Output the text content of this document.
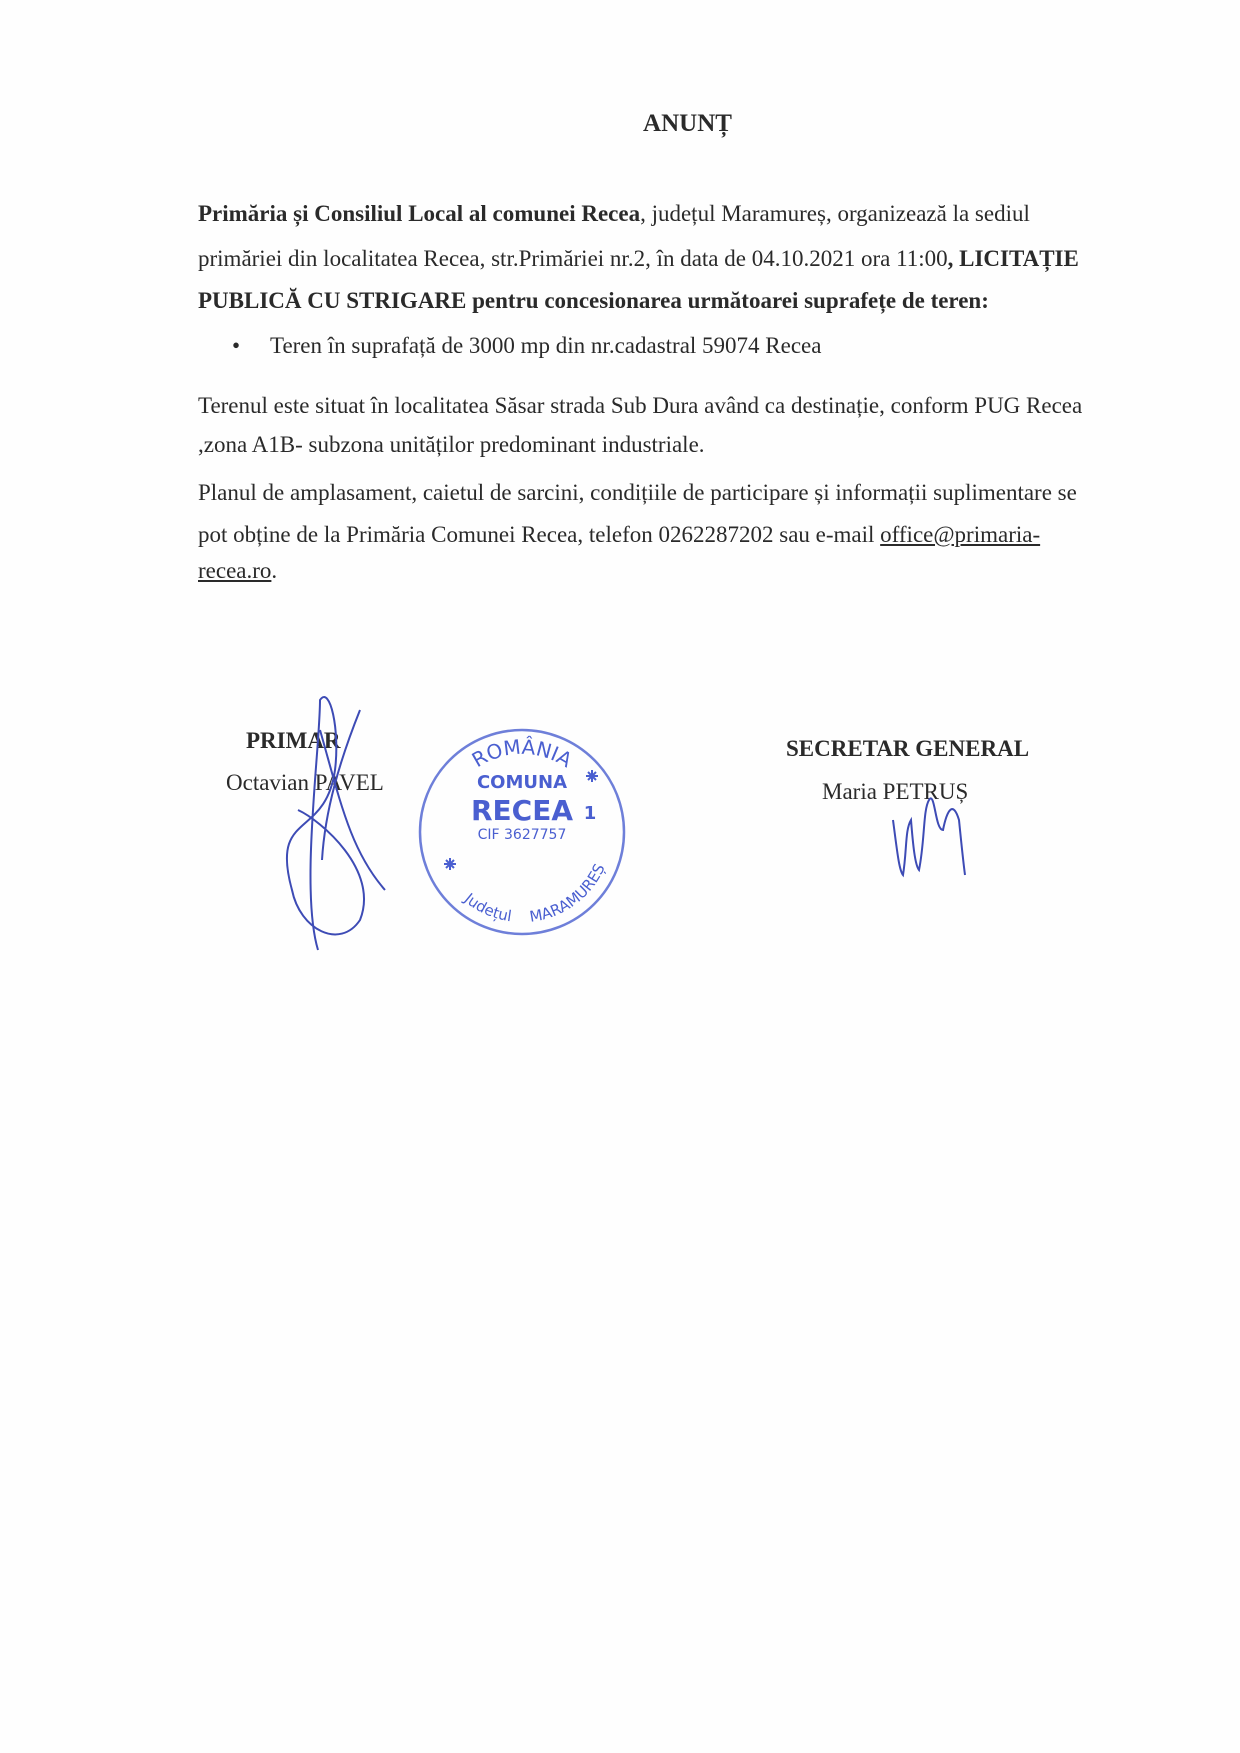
ANUNȚ
Primăria și Consiliul Local al comunei Recea, județul Maramureș, organizează la sediul
primăriei din localitatea Recea, str.Primăriei nr.2, în data de 04.10.2021 ora 11:00, LICITAȚIE
PUBLICĂ CU STRIGARE pentru concesionarea următoarei suprafețe de teren:
• Teren în suprafață de 3000 mp din nr.cadastral 59074 Recea
Terenul este situat în localitatea Săsar strada Sub Dura având ca destinație, conform PUG Recea
,zona A1B- subzona unităților predominant industriale.
Planul de amplasament, caietul de sarcini, condițiile de participare și informații suplimentare se
pot obține de la Primăria Comunei Recea, telefon 0262287202 sau e-mail office@primaria-
recea.ro.
PRIMAR
Octavian PAVEL
SECRETAR GENERAL
Maria PETRUȘ
ROMÂNIA
Județul MARAMUREȘ
COMUNA
RECEA 1
CIF 3627757
